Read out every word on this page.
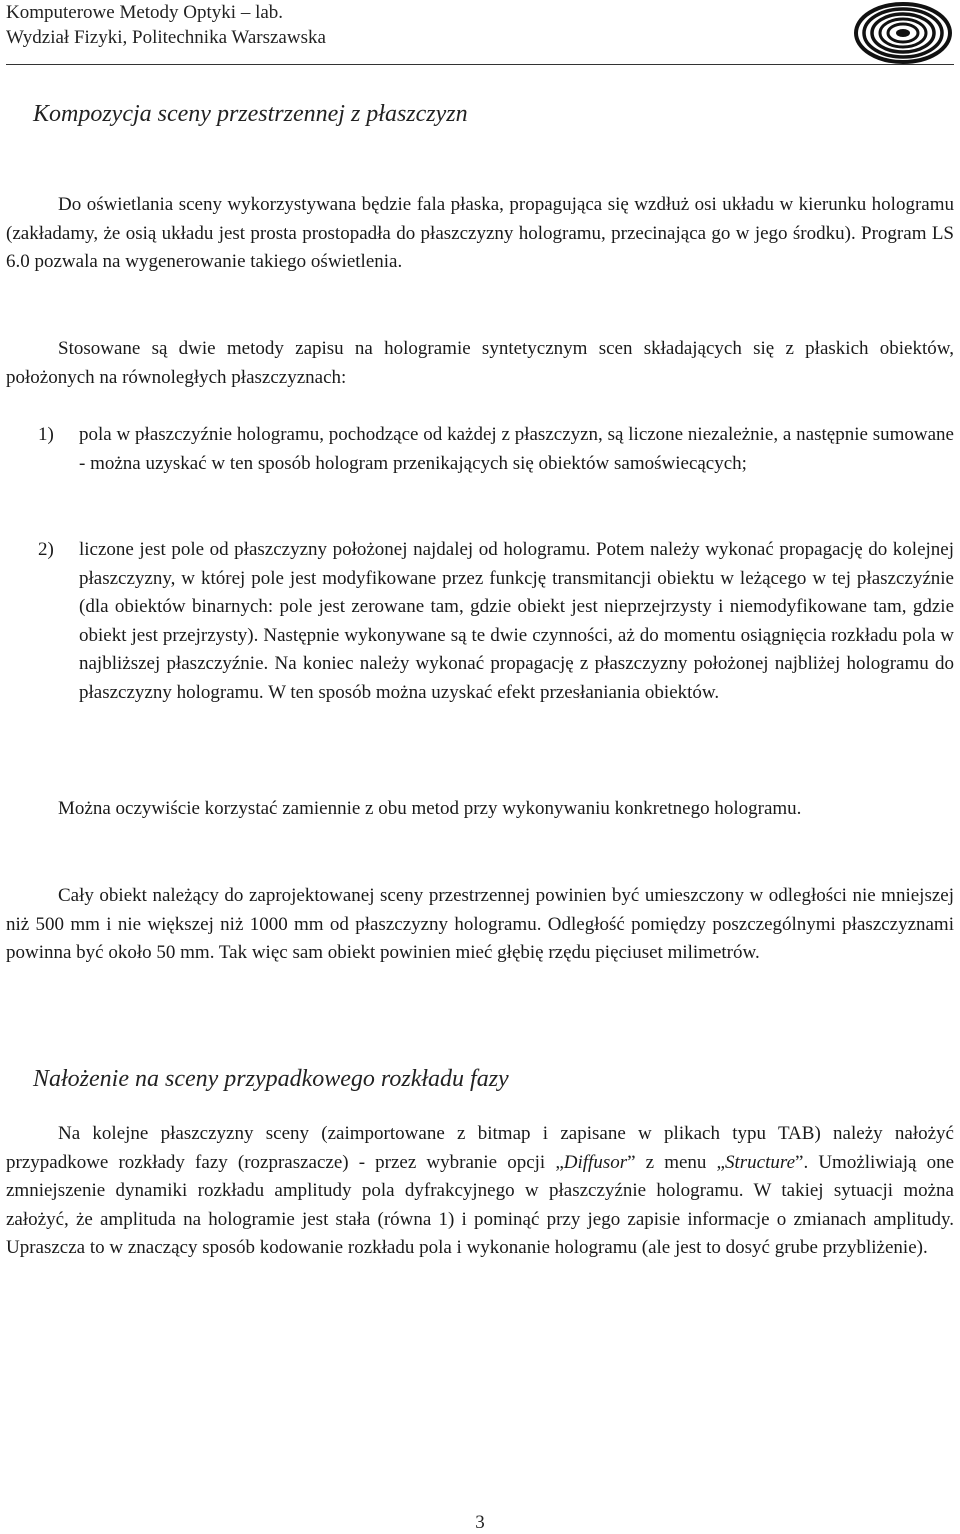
Komputerowe Metody Optyki – lab.
Wydział Fizyki, Politechnika Warszawska
Kompozycja sceny przestrzennej z płaszczyzn

Do oświetlania sceny wykorzystywana będzie fala płaska, propagująca się wzdłuż osi układu w kierunku hologramu (zakładamy, że osią układu jest prosta prostopadła do płaszczyzny hologramu, przecinająca go w jego środku). Program LS 6.0 pozwala na wygenerowanie takiego oświetlenia.

Stosowane są dwie metody zapisu na hologramie syntetycznym scen składających się z płaskich obiektów, położonych na równoległych płaszczyznach:

1) pola w płaszczyźnie hologramu, pochodzące od każdej z płaszczyzn, są liczone niezależnie, a następnie sumowane - można uzyskać w ten sposób hologram przenikających się obiektów samoświecących;
2) liczone jest pole od płaszczyzny położonej najdalej od hologramu. Potem należy wykonać propagację do kolejnej płaszczyzny, w której pole jest modyfikowane przez funkcję transmitancji obiektu w leżącego w tej płaszczyźnie (dla obiektów binarnych: pole jest zerowane tam, gdzie obiekt jest nieprzejrzysty i niemodyfikowane tam, gdzie obiekt jest przejrzysty). Następnie wykonywane są te dwie czynności, aż do momentu osiągnięcia rozkładu pola w najbliższej płaszczyźnie. Na koniec należy wykonać propagację z płaszczyzny położonej najbliżej hologramu do płaszczyzny hologramu. W ten sposób można uzyskać efekt przesłaniania obiektów.

Można oczywiście korzystać zamiennie z obu metod przy wykonywaniu konkretnego hologramu.

Cały obiekt należący do zaprojektowanej sceny przestrzennej powinien być umieszczony w odległości nie mniejszej niż 500 mm i nie większej niż 1000 mm od płaszczyzny hologramu. Odległość pomiędzy poszczególnymi płaszczyznami powinna być około 50 mm. Tak więc sam obiekt powinien mieć głębię rzędu pięciuset milimetrów.

Nałożenie na sceny przypadkowego rozkładu fazy

Na kolejne płaszczyzny sceny (zaimportowane z bitmap i zapisane w plikach typu TAB) należy nałożyć przypadkowe rozkłady fazy (rozpraszacze) - przez wybranie opcji „Diffusor” z menu „Structure”. Umożliwiają one zmniejszenie dynamiki rozkładu amplitudy pola dyfrakcyjnego w płaszczyźnie hologramu. W takiej sytuacji można założyć, że amplituda na hologramie jest stała (równa 1) i pominąć przy jego zapisie informacje o zmianach amplitudy. Upraszcza to w znaczący sposób kodowanie rozkładu pola i wykonanie hologramu (ale jest to dosyć grube przybliżenie).

3
